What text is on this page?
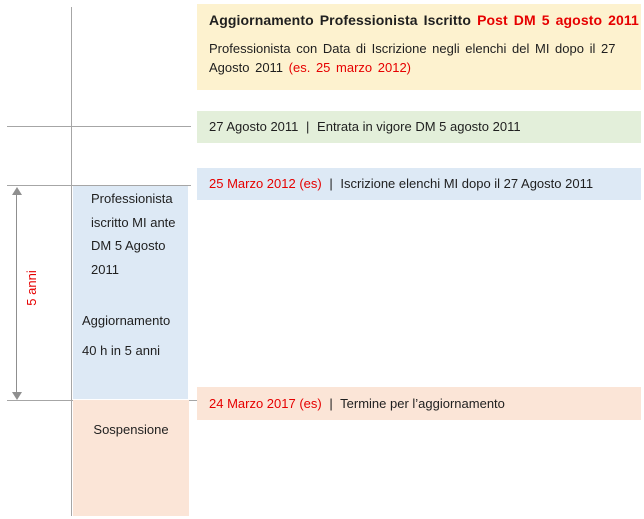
5 anni
Aggiornamento Professionista Iscritto Post DM 5 agosto 2011
Professionista con Data di Iscrizione negli elenchi del MI dopo il 27 Agosto 2011 (es. 25 marzo 2012)
27 Agosto 2011 | Entrata in vigore DM 5 agosto 2011
25 Marzo 2012 (es) | Iscrizione elenchi MI dopo il 27 Agosto 2011
24 Marzo 2017 (es) | Termine per l’aggiornamento
Professionista iscritto MI ante DM 5 Agosto 2011
Aggiornamento
40 h in 5 anni
Sospensione
